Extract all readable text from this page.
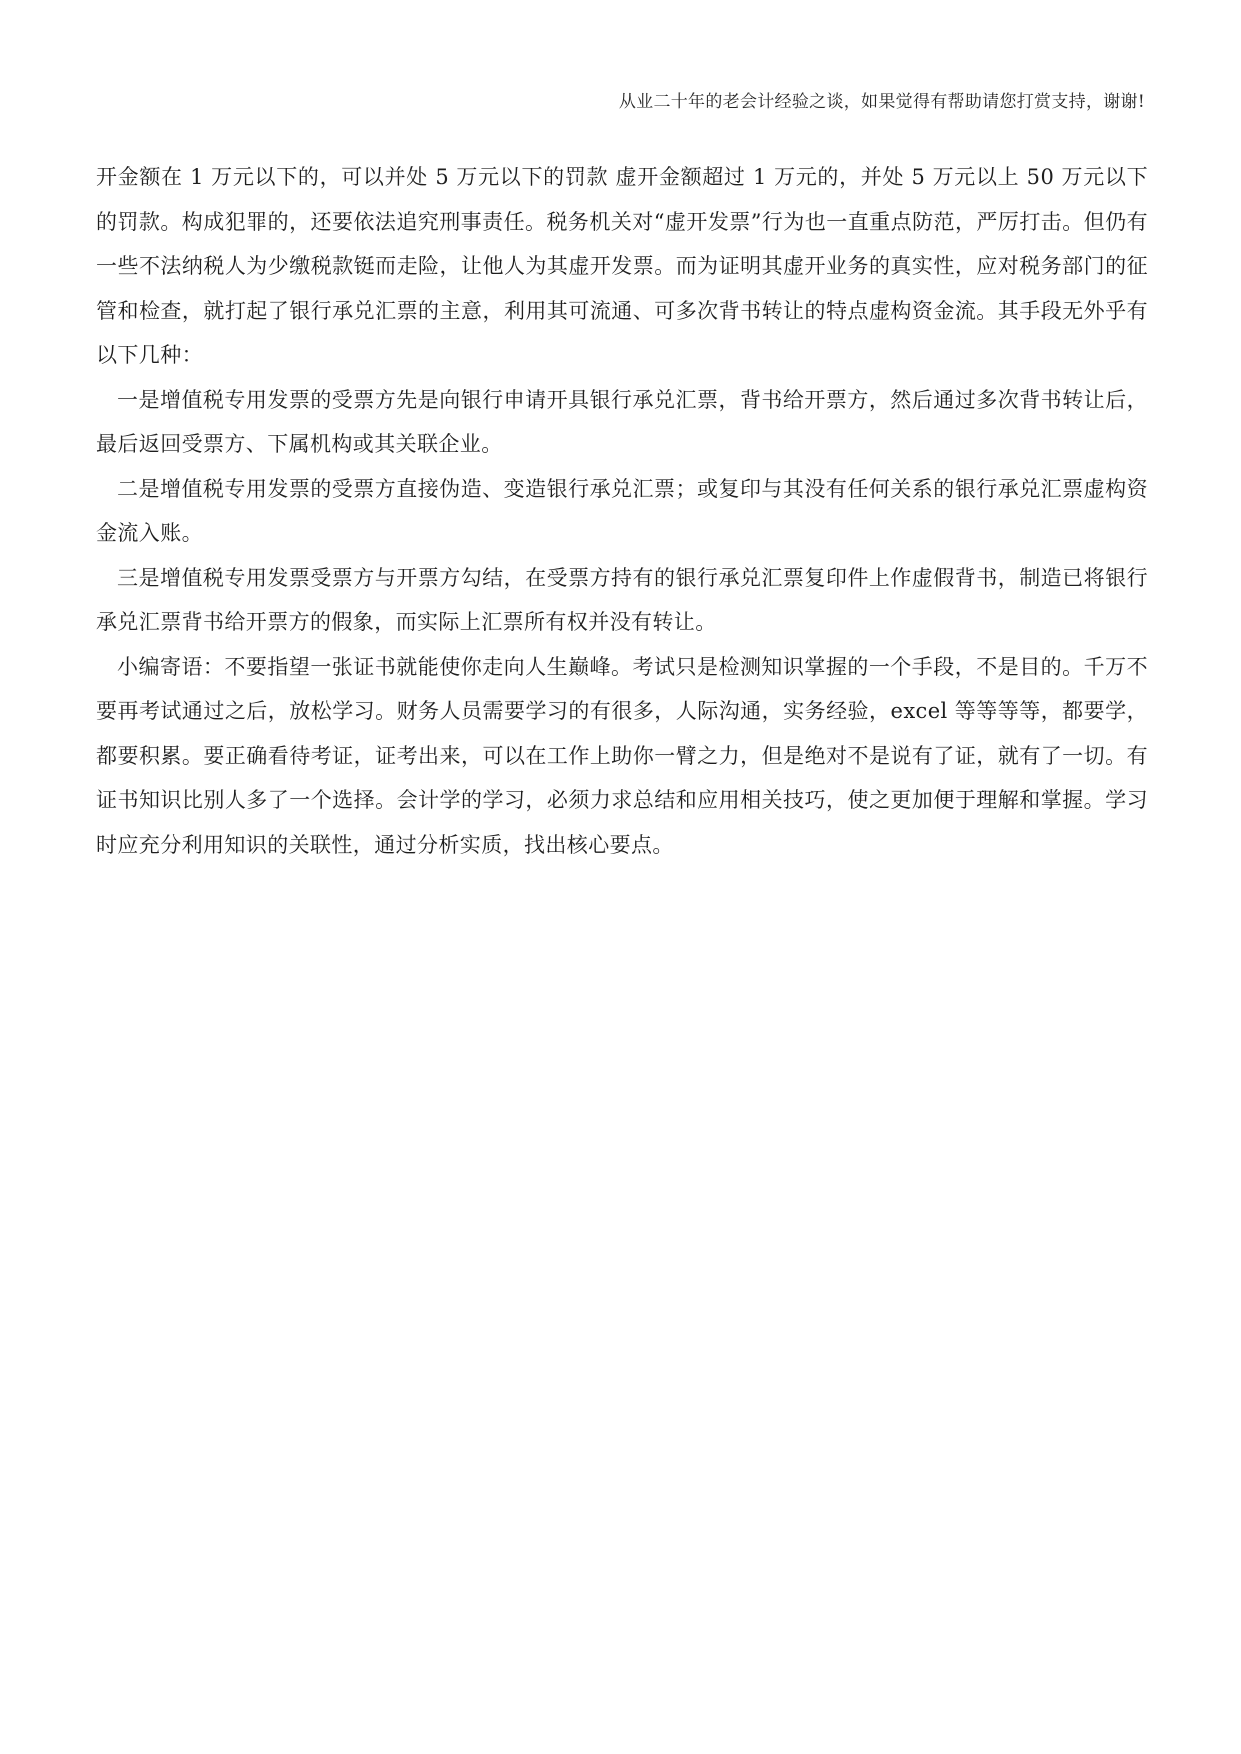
从业二十年的老会计经验之谈，如果觉得有帮助请您打赏支持，谢谢!

开金额在 1 万元以下的，可以并处 5 万元以下的罚款 虚开金额超过 1 万元的，并处 5 万元以上 50 万元以下的罚款。构成犯罪的，还要依法追究刑事责任。税务机关对“虚开发票”行为也一直重点防范，严厉打击。但仍有一些不法纳税人为少缴税款铤而走险，让他人为其虚开发票。而为证明其虚开业务的真实性，应对税务部门的征管和检查，就打起了银行承兑汇票的主意，利用其可流通、可多次背书转让的特点虚构资金流。其手段无外乎有以下几种：

一是增值税专用发票的受票方先是向银行申请开具银行承兑汇票，背书给开票方，然后通过多次背书转让后，最后返回受票方、下属机构或其关联企业。

二是增值税专用发票的受票方直接伪造、变造银行承兑汇票；或复印与其没有任何关系的银行承兑汇票虚构资金流入账。

三是增值税专用发票受票方与开票方勾结，在受票方持有的银行承兑汇票复印件上作虚假背书，制造已将银行承兑汇票背书给开票方的假象，而实际上汇票所有权并没有转让。

小编寄语：不要指望一张证书就能使你走向人生巅峰。考试只是检测知识掌握的一个手段，不是目的。千万不要再考试通过之后，放松学习。财务人员需要学习的有很多，人际沟通，实务经验，excel 等等等等，都要学，都要积累。要正确看待考证，证考出来，可以在工作上助你一臂之力，但是绝对不是说有了证，就有了一切。有证书知识比别人多了一个选择。会计学的学习，必须力求总结和应用相关技巧，使之更加便于理解和掌握。学习时应充分利用知识的关联性，通过分析实质，找出核心要点。
